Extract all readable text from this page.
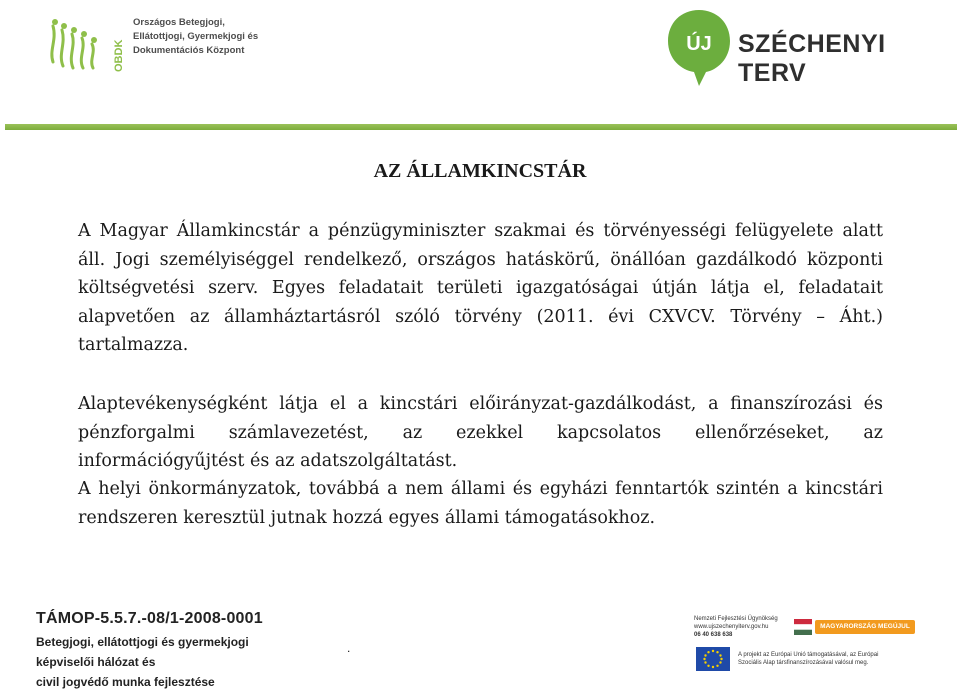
OBDK
Országos Betegjogi,
Ellátottjogi, Gyermekjogi és
Dokumentációs Központ	ÚJ SZÉCHENYI TERV
AZ ÁLLAMKINCSTÁR

A Magyar Államkincstár a pénzügyminiszter szakmai és törvényességi felügyelete alatt áll. Jogi személyiséggel rendelkező, országos hatáskörű, önállóan gazdálkodó központi költségvetési szerv. Egyes feladatait területi igazgatóságai útján látja el, feladatait alapvetően az államháztartásról szóló törvény (2011. évi CXVCV. Törvény – Áht.) tartalmazza.

Alaptevékenységként látja el a kincstári előirányzat-gazdálkodást, a finanszírozási és pénzforgalmi számlavezetést, az ezekkel kapcsolatos ellenőrzéseket, az információgyűjtést és az adatszolgáltatást.

A helyi önkormányzatok, továbbá a nem állami és egyházi fenntartók szintén a kincstári rendszeren keresztül jutnak hozzá egyes állami támogatásokhoz.

TÁMOP-5.5.7.-08/1-2008-0001
Betegjogi, ellátottjogi és gyermekjogi
képviselői hálózat és
civil jogvédő munka fejlesztése
.
Nemzeti Fejlesztési Ügynökség
www.ujszechenyiterv.gov.hu
06 40 638 638
MAGYARORSZÁG MEGÚJUL
A projekt az Európai Unió támogatásával, az Európai
Szociális Alap társfinanszírozásával valósul meg.
